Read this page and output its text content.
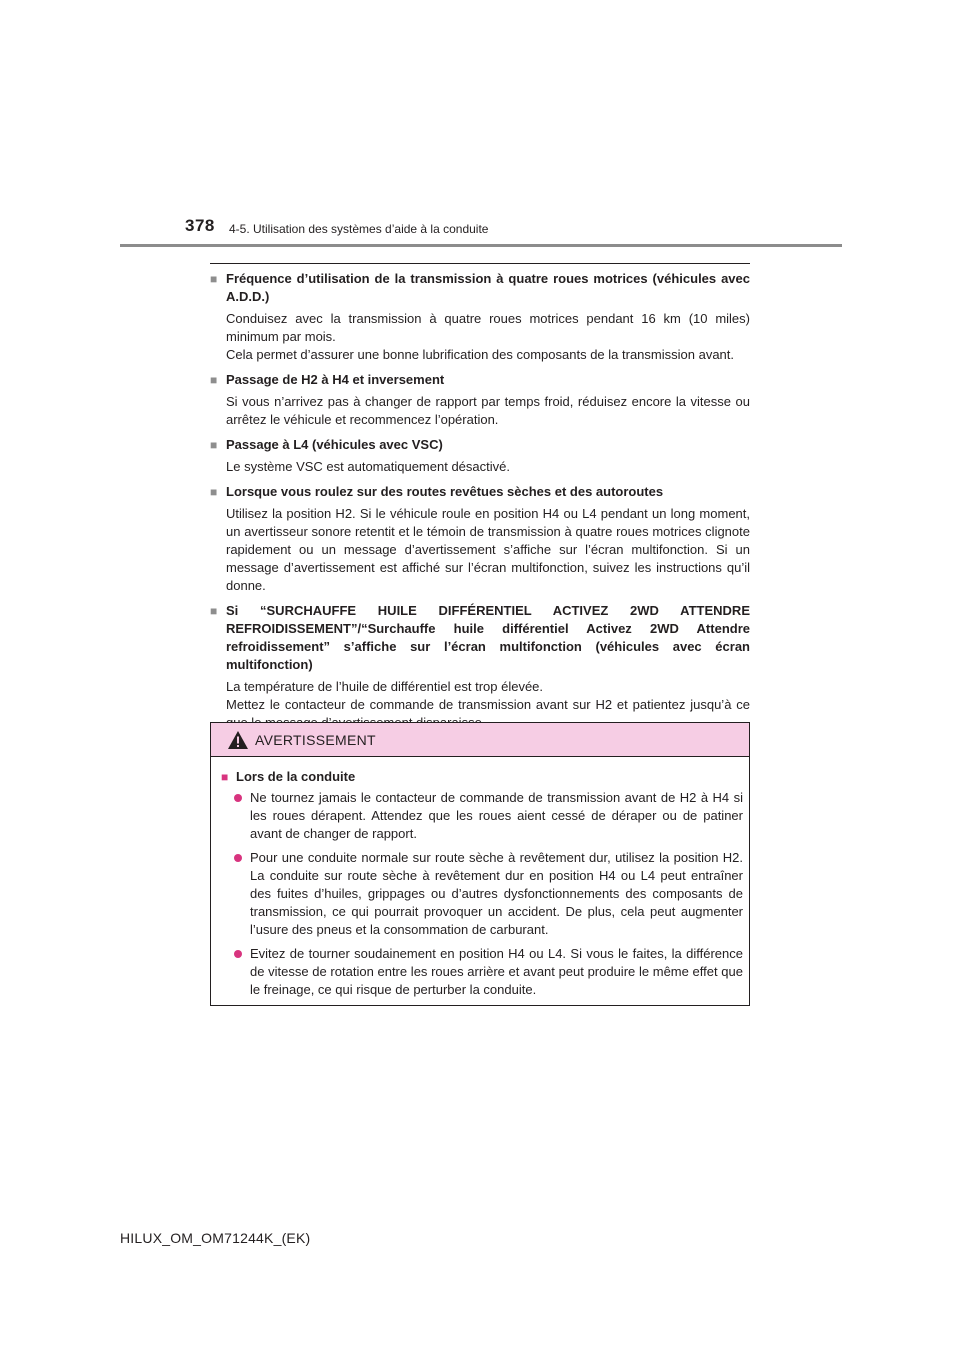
378 4-5. Utilisation des systèmes d’aide à la conduite
■ Fréquence d’utilisation de la transmission à quatre roues motrices (véhicules avec A.D.D.)
Conduisez avec la transmission à quatre roues motrices pendant 16 km (10 miles) minimum par mois.
Cela permet d’assurer une bonne lubrification des composants de la transmission avant.
■ Passage de H2 à H4 et inversement
Si vous n’arrivez pas à changer de rapport par temps froid, réduisez encore la vitesse ou arrêtez le véhicule et recommencez l’opération.
■ Passage à L4 (véhicules avec VSC)
Le système VSC est automatiquement désactivé.
■ Lorsque vous roulez sur des routes revêtues sèches et des autoroutes
Utilisez la position H2. Si le véhicule roule en position H4 ou L4 pendant un long moment, un avertisseur sonore retentit et le témoin de transmission à quatre roues motrices clignote rapidement ou un message d’avertissement s’affiche sur l’écran multifonction. Si un message d’avertissement est affiché sur l’écran multifonction, suivez les instructions qu’il donne.
■ Si “SURCHAUFFE HUILE DIFFÉRENTIEL ACTIVEZ 2WD ATTENDRE REFROIDISSEMENT”/“Surchauffe huile différentiel Activez 2WD Attendre refroidissement” s’affiche sur l’écran multifonction (véhicules avec écran multifonction)
La température de l’huile de différentiel est trop élevée.
Mettez le contacteur de commande de transmission avant sur H2 et patientez jusqu’à ce
AVERTISSEMENT
■ Lors de la conduite
Ne tournez jamais le contacteur de commande de transmission avant de H2 à H4 si les roues dérapent. Attendez que les roues aient cessé de déraper ou de patiner avant de changer de rapport.
Pour une conduite normale sur route sèche à revêtement dur, utilisez la position H2. La conduite sur route sèche à revêtement dur en position H4 ou L4 peut entraîner des fuites d’huiles, grippages ou d’autres dysfonctionnements des composants de transmission, ce qui pourrait provoquer un accident. De plus, cela peut augmenter l’usure des pneus et la consommation de carburant.
Evitez de tourner soudainement en position H4 ou L4. Si vous le faites, la différence de vitesse de rotation entre les roues arrière et avant peut produire le même effet que le freinage, ce qui risque de perturber la conduite.
HILUX_OM_OM71244K_(EK)
